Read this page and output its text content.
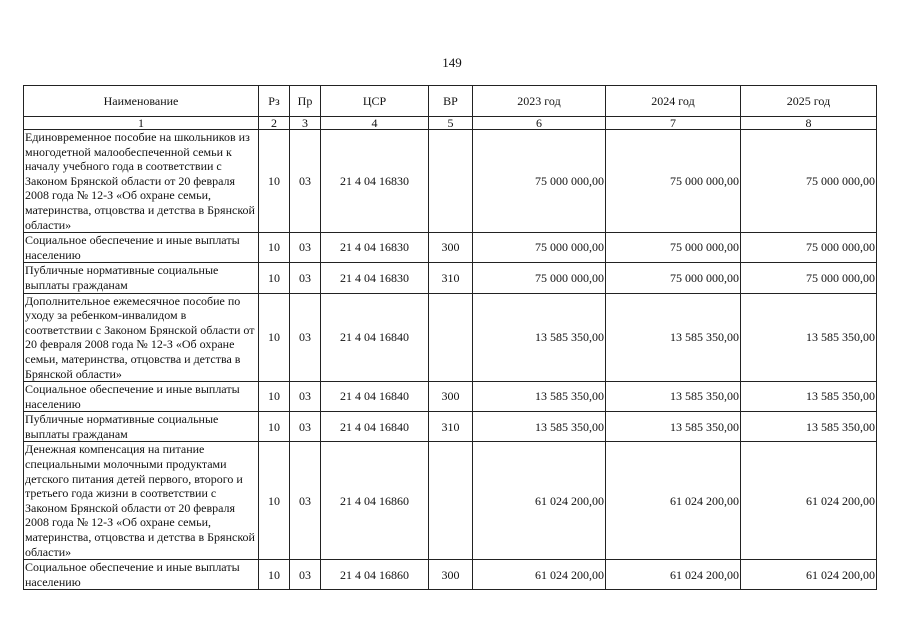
149
Наименование	Рз	Пр	ЦСР	ВР	2023 год	2024 год	2025 год
1	2	3	4	5	6	7	8
Единовременное пособие на школьников из многодетной малообеспеченной семьи к началу учебного года в соответствии с Законом Брянской области от 20 февраля 2008 года № 12-З «Об охране семьи, материнства, отцовства и детства в Брянской области»	10	03	21 4 04 16830		75 000 000,00	75 000 000,00	75 000 000,00
Социальное обеспечение и иные выплаты населению	10	03	21 4 04 16830	300	75 000 000,00	75 000 000,00	75 000 000,00
Публичные нормативные социальные выплаты гражданам	10	03	21 4 04 16830	310	75 000 000,00	75 000 000,00	75 000 000,00
Дополнительное ежемесячное пособие по уходу за ребенком-инвалидом в соответствии с Законом Брянской области от 20 февраля 2008 года № 12-З «Об охране семьи, материнства, отцовства и детства в Брянской области»	10	03	21 4 04 16840		13 585 350,00	13 585 350,00	13 585 350,00
Социальное обеспечение и иные выплаты населению	10	03	21 4 04 16840	300	13 585 350,00	13 585 350,00	13 585 350,00
Публичные нормативные социальные выплаты гражданам	10	03	21 4 04 16840	310	13 585 350,00	13 585 350,00	13 585 350,00
Денежная компенсация на питание специальными молочными продуктами детского питания детей первого, второго и третьего года жизни в соответствии с Законом Брянской области от 20 февраля 2008 года № 12-З «Об охране семьи, материнства, отцовства и детства в Брянской области»	10	03	21 4 04 16860		61 024 200,00	61 024 200,00	61 024 200,00
Социальное обеспечение и иные выплаты населению	10	03	21 4 04 16860	300	61 024 200,00	61 024 200,00	61 024 200,00
